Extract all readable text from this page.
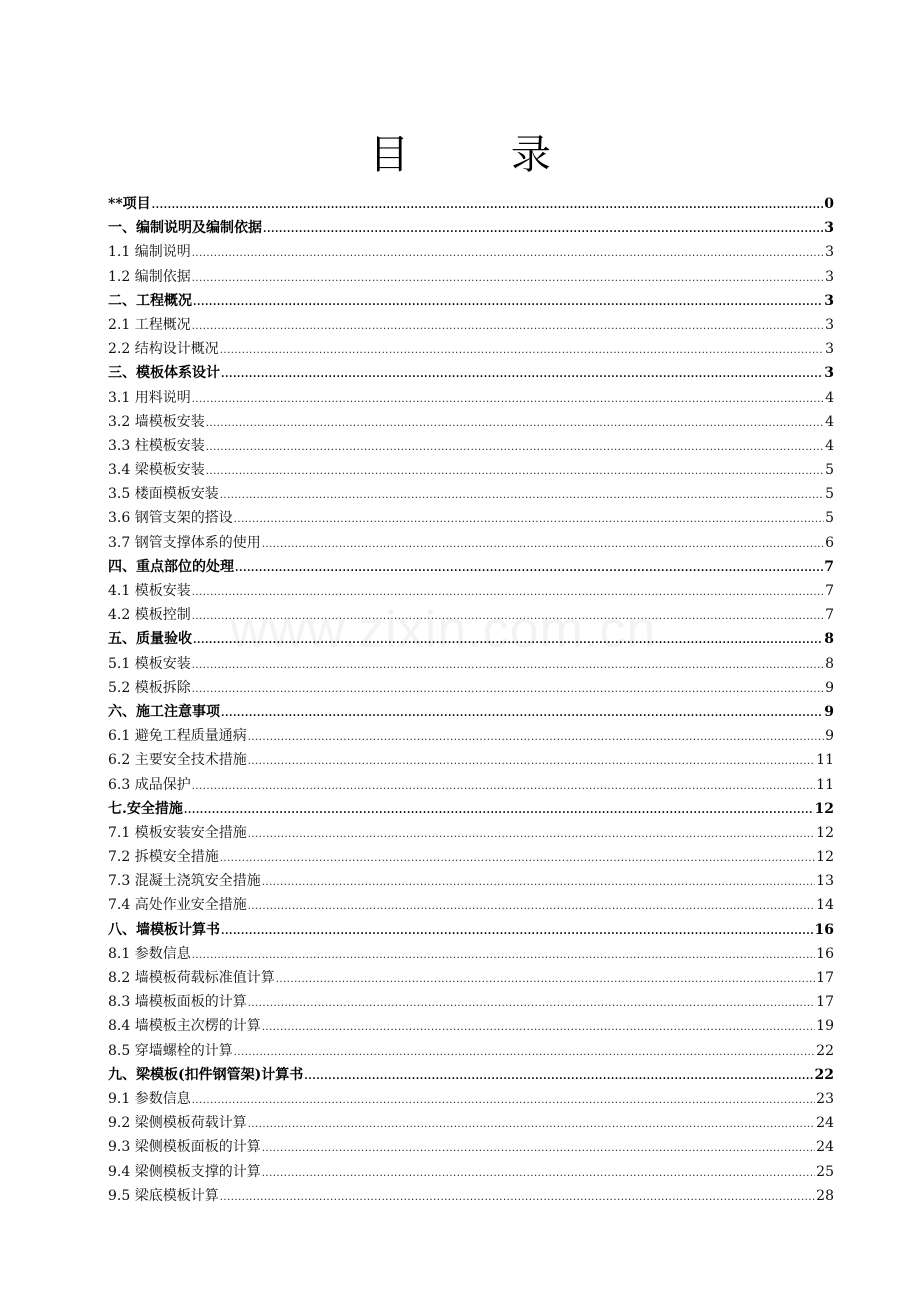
目        录
www.zixin.com.cn
**项目 .....	0
一、编制说明及编制依据 .....	3
1.1 编制说明 .....	3
1.2 编制依据 .....	3
二、工程概况 .....	3
2.1 工程概况 .....	3
2.2 结构设计概况 .....	3
三、模板体系设计 .....	3
3.1 用料说明 .....	4
3.2 墙模板安装 .....	4
3.3 柱模板安装 .....	4
3.4 梁模板安装 .....	5
3.5 楼面模板安装 .....	5
3.6 钢管支架的搭设 .....	5
3.7 钢管支撑体系的使用 .....	6
四、重点部位的处理 .....	7
4.1 模板安装 .....	7
4.2 模板控制 .....	7
五、质量验收 .....	8
5.1 模板安装 .....	8
5.2 模板拆除 .....	9
六、施工注意事项 .....	9
6.1 避免工程质量通病 .....	9
6.2 主要安全技术措施 .....	11
6.3 成品保护 .....	11
七.安全措施 .....	12
7.1 模板安装安全措施 .....	12
7.2 拆模安全措施 .....	12
7.3 混凝土浇筑安全措施 .....	13
7.4 高处作业安全措施 .....	14
八、墙模板计算书 .....	16
8.1 参数信息 .....	16
8.2 墙模板荷载标准值计算 .....	17
8.3 墙模板面板的计算 .....	17
8.4 墙模板主次楞的计算 .....	19
8.5 穿墙螺栓的计算 .....	22
九、梁模板(扣件钢管架)计算书 .....	22
9.1 参数信息 .....	23
9.2 梁侧模板荷载计算 .....	24
9.3 梁侧模板面板的计算 .....	24
9.4 梁侧模板支撑的计算 .....	25
9.5 梁底模板计算 .....	28
